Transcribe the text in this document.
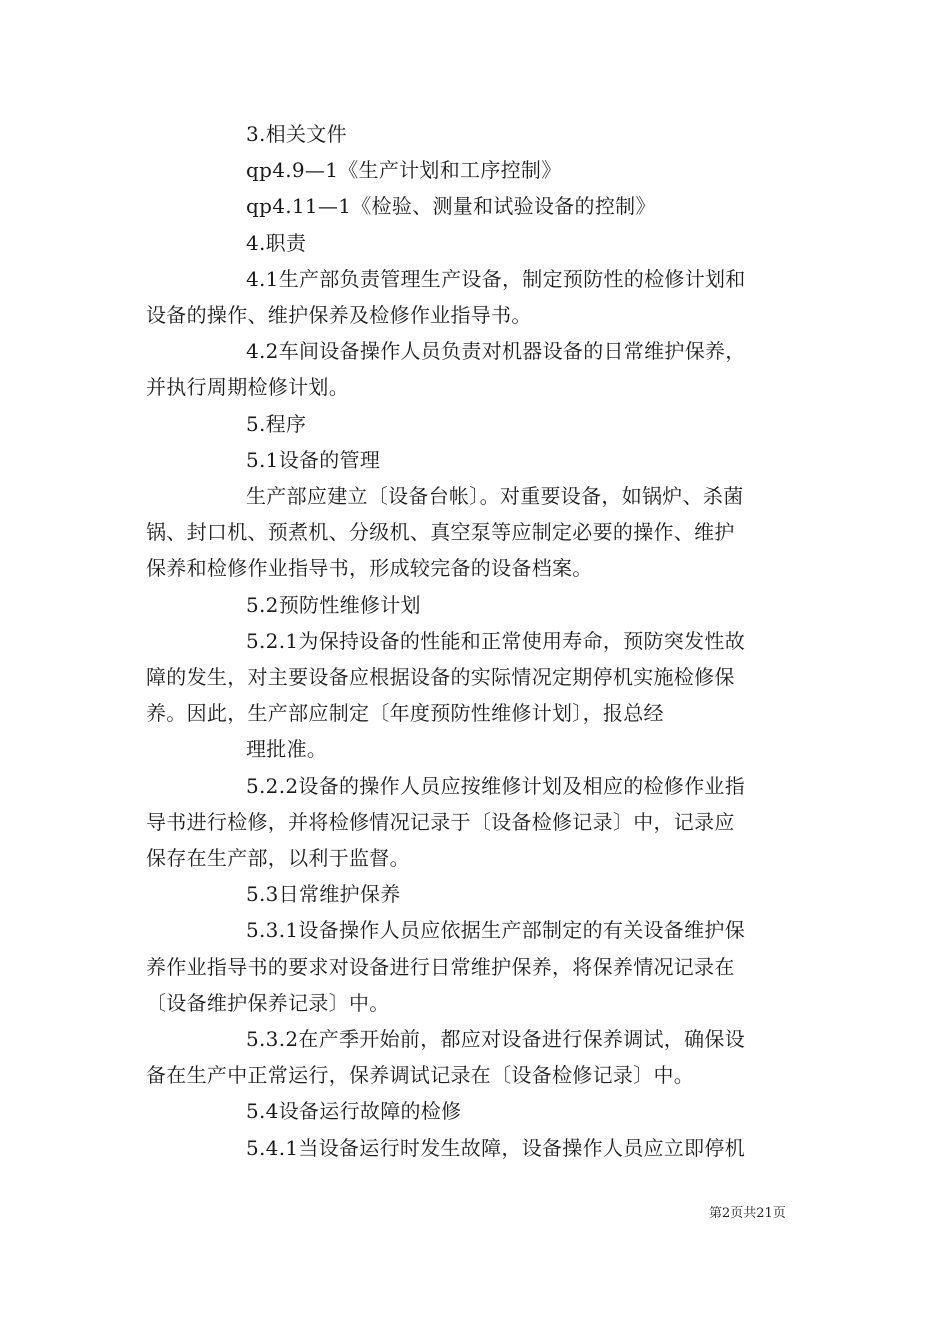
3.相关文件
qp4.9—1《生产计划和工序控制》
qp4.11—1《检验、测量和试验设备的控制》
4.职责
4.1生产部负责管理生产设备，制定预防性的检修计划和
设备的操作、维护保养及检修作业指导书。
4.2车间设备操作人员负责对机器设备的日常维护保养，
并执行周期检修计划。
5.程序
5.1设备的管理
生产部应建立〔设备台帐〕。对重要设备，如锅炉、杀菌
锅、封口机、预煮机、分级机、真空泵等应制定必要的操作、维护
保养和检修作业指导书，形成较完备的设备档案。
5.2预防性维修计划
5.2.1为保持设备的性能和正常使用寿命，预防突发性故
障的发生，对主要设备应根据设备的实际情况定期停机实施检修保
养。因此，生产部应制定〔年度预防性维修计划〕，报总经
理批准。
5.2.2设备的操作人员应按维修计划及相应的检修作业指
导书进行检修，并将检修情况记录于〔设备检修记录〕中，记录应
保存在生产部，以利于监督。
5.3日常维护保养
5.3.1设备操作人员应依据生产部制定的有关设备维护保
养作业指导书的要求对设备进行日常维护保养，将保养情况记录在
〔设备维护保养记录〕中。
5.3.2在产季开始前，都应对设备进行保养调试，确保设
备在生产中正常运行，保养调试记录在〔设备检修记录〕中。
5.4设备运行故障的检修
5.4.1当设备运行时发生故障，设备操作人员应立即停机
第2页共21页
